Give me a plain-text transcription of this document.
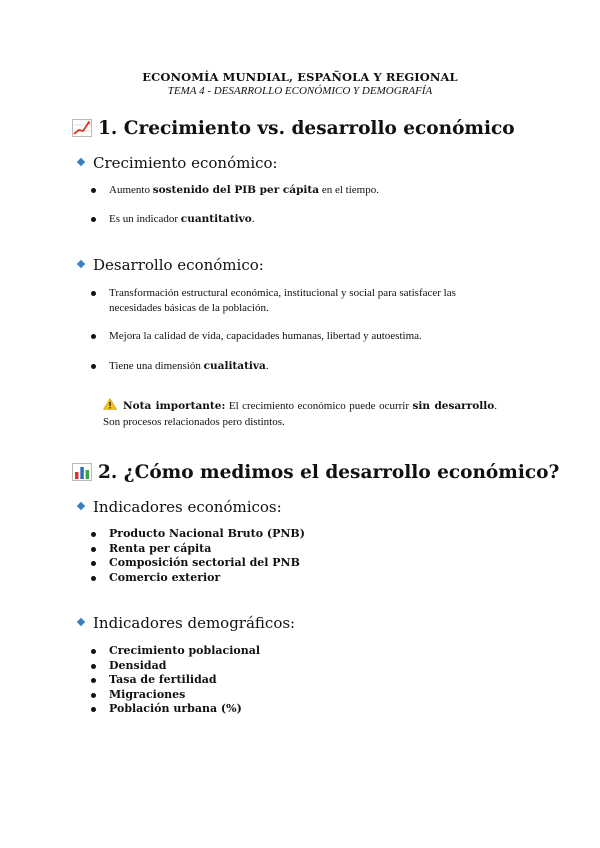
ECONOMÍA MUNDIAL, ESPAÑOLA Y REGIONAL
TEMA 4 - DESARROLLO ECONÓMICO Y DEMOGRAFÍA
1. Crecimiento vs. desarrollo económico
Crecimiento económico:
Aumento sostenido del PIB per cápita en el tiempo.
Es un indicador cuantitativo.
Desarrollo económico:
Transformación estructural económica, institucional y social para satisfacer las necesidades básicas de la población.
Mejora la calidad de vida, capacidades humanas, libertad y autoestima.
Tiene una dimensión cualitativa.
Nota importante: El crecimiento económico puede ocurrir sin desarrollo. Son procesos relacionados pero distintos.
2. ¿Cómo medimos el desarrollo económico?
Indicadores económicos:
Producto Nacional Bruto (PNB)
Renta per cápita
Composición sectorial del PNB
Comercio exterior
Indicadores demográficos:
Crecimiento poblacional
Densidad
Tasa de fertilidad
Migraciones
Población urbana (%)
